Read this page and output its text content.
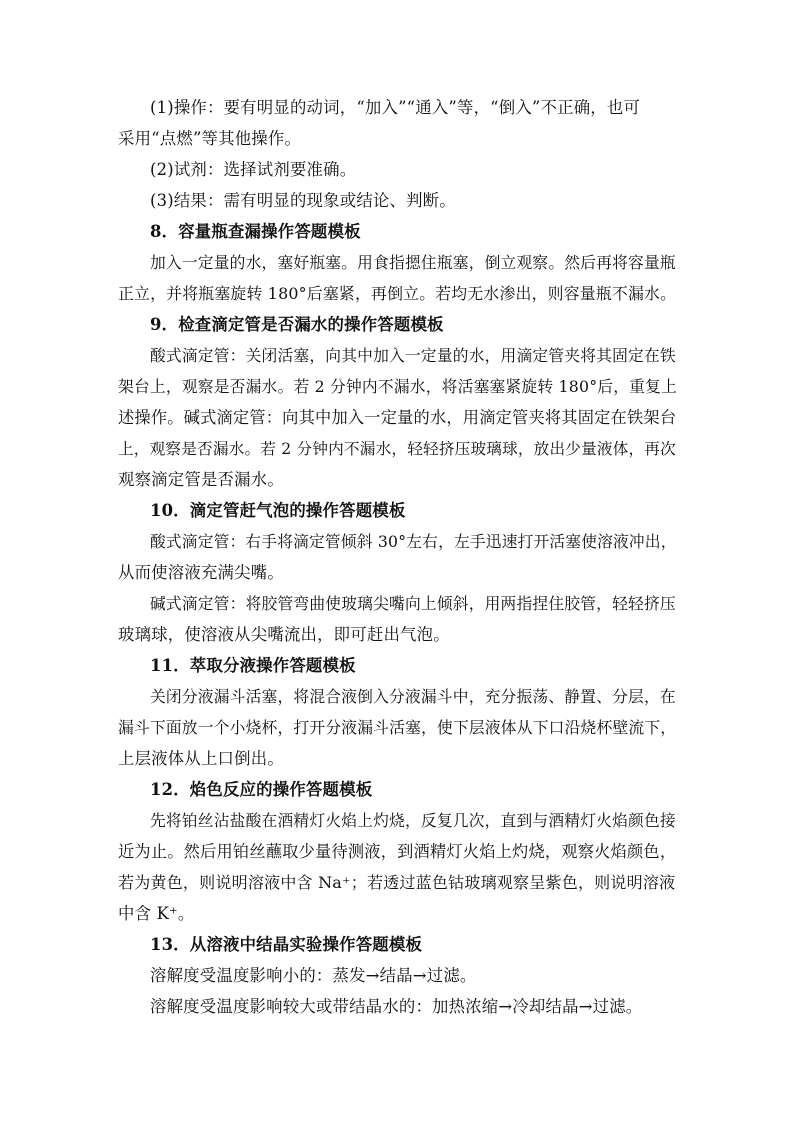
(1)操作：要有明显的动词，“加入”“通入”等，“倒入”不正确，也可

采用“点燃”等其他操作。

(2)试剂：选择试剂要准确。

(3)结果：需有明显的现象或结论、判断。

8．容量瓶查漏操作答题模板

加入一定量的水，塞好瓶塞。用食指摁住瓶塞，倒立观察。然后再将容量瓶

正立，并将瓶塞旋转 180°后塞紧，再倒立。若均无水渗出，则容量瓶不漏水。

9．检查滴定管是否漏水的操作答题模板

酸式滴定管：关闭活塞，向其中加入一定量的水，用滴定管夹将其固定在铁

架台上，观察是否漏水。若 2 分钟内不漏水，将活塞塞紧旋转 180°后，重复上

述操作。碱式滴定管：向其中加入一定量的水，用滴定管夹将其固定在铁架台

上，观察是否漏水。若 2 分钟内不漏水，轻轻挤压玻璃球，放出少量液体，再次

观察滴定管是否漏水。

10．滴定管赶气泡的操作答题模板

酸式滴定管：右手将滴定管倾斜 30°左右，左手迅速打开活塞使溶液冲出，

从而使溶液充满尖嘴。

碱式滴定管：将胶管弯曲使玻璃尖嘴向上倾斜，用两指捏住胶管，轻轻挤压

玻璃球，使溶液从尖嘴流出，即可赶出气泡。

11．萃取分液操作答题模板

关闭分液漏斗活塞，将混合液倒入分液漏斗中，充分振荡、静置、分层，在

漏斗下面放一个小烧杯，打开分液漏斗活塞，使下层液体从下口沿烧杯壁流下，

上层液体从上口倒出。

12．焰色反应的操作答题模板

先将铂丝沾盐酸在酒精灯火焰上灼烧，反复几次，直到与酒精灯火焰颜色接

近为止。然后用铂丝蘸取少量待测液，到酒精灯火焰上灼烧，观察火焰颜色，

若为黄色，则说明溶液中含 Na⁺；若透过蓝色钴玻璃观察呈紫色，则说明溶液

中含 K⁺。

13．从溶液中结晶实验操作答题模板

溶解度受温度影响小的：蒸发→结晶→过滤。

溶解度受温度影响较大或带结晶水的：加热浓缩→冷却结晶→过滤。
